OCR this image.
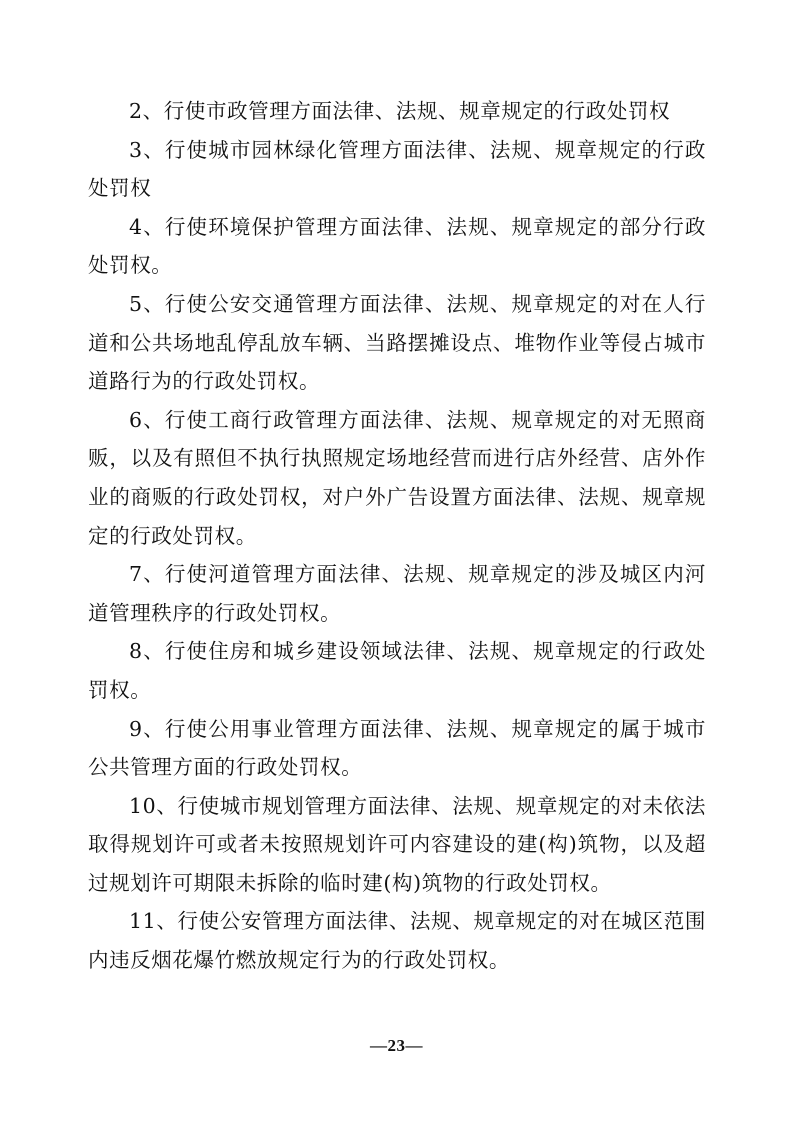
2、行使市政管理方面法律、法规、规章规定的行政处罚权

3、行使城市园林绿化管理方面法律、法规、规章规定的行政处罚权

4、行使环境保护管理方面法律、法规、规章规定的部分行政处罚权。

5、行使公安交通管理方面法律、法规、规章规定的对在人行道和公共场地乱停乱放车辆、当路摆摊设点、堆物作业等侵占城市道路行为的行政处罚权。

6、行使工商行政管理方面法律、法规、规章规定的对无照商贩，以及有照但不执行执照规定场地经营而进行店外经营、店外作业的商贩的行政处罚权，对户外广告设置方面法律、法规、规章规定的行政处罚权。

7、行使河道管理方面法律、法规、规章规定的涉及城区内河道管理秩序的行政处罚权。

8、行使住房和城乡建设领域法律、法规、规章规定的行政处罚权。

9、行使公用事业管理方面法律、法规、规章规定的属于城市公共管理方面的行政处罚权。

10、行使城市规划管理方面法律、法规、规章规定的对未依法取得规划许可或者未按照规划许可内容建设的建(构)筑物，以及超过规划许可期限未拆除的临时建(构)筑物的行政处罚权。

11、行使公安管理方面法律、法规、规章规定的对在城区范围内违反烟花爆竹燃放规定行为的行政处罚权。

—23—
